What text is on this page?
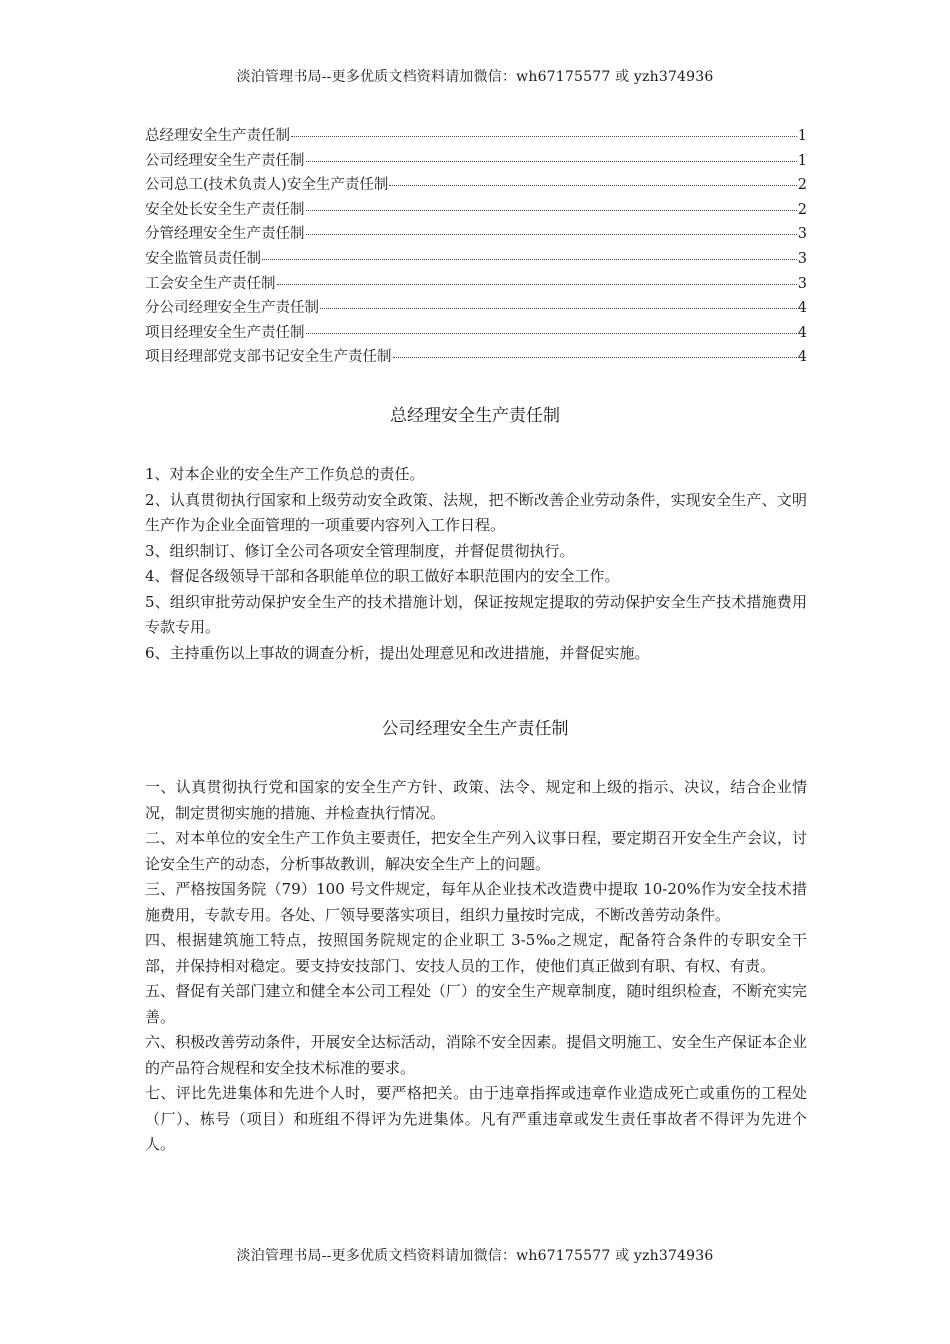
淡泊管理书局--更多优质文档资料请加微信：wh67175577 或 yzh374936
总经理安全生产责任制	1
公司经理安全生产责任制	1
公司总工(技术负责人)安全生产责任制	2
安全处长安全生产责任制	2
分管经理安全生产责任制	3
安全监管员责任制	3
工会安全生产责任制	3
分公司经理安全生产责任制	4
项目经理安全生产责任制	4
项目经理部党支部书记安全生产责任制	4
总经理安全生产责任制

1、对本企业的安全生产工作负总的责任。

2、认真贯彻执行国家和上级劳动安全政策、法规，把不断改善企业劳动条件，实现安全生产、文明生产作为企业全面管理的一项重要内容列入工作日程。

3、组织制订、修订全公司各项安全管理制度，并督促贯彻执行。

4、督促各级领导干部和各职能单位的职工做好本职范围内的安全工作。

5、组织审批劳动保护安全生产的技术措施计划，保证按规定提取的劳动保护安全生产技术措施费用专款专用。

6、主持重伤以上事故的调查分析，提出处理意见和改进措施，并督促实施。

公司经理安全生产责任制

一、认真贯彻执行党和国家的安全生产方针、政策、法令、规定和上级的指示、决议，结合企业情况，制定贯彻实施的措施、并检查执行情况。

二、对本单位的安全生产工作负主要责任，把安全生产列入议事日程，要定期召开安全生产会议，讨论安全生产的动态，分析事故教训，解决安全生产上的问题。

三、严格按国务院（79）100 号文件规定，每年从企业技术改造费中提取 10-20%作为安全技术措施费用，专款专用。各处、厂领导要落实项目，组织力量按时完成，不断改善劳动条件。

四、根据建筑施工特点，按照国务院规定的企业职工 3-5‰之规定，配备符合条件的专职安全干部，并保持相对稳定。要支持安技部门、安技人员的工作，使他们真正做到有职、有权、有责。

五、督促有关部门建立和健全本公司工程处（厂）的安全生产规章制度，随时组织检查，不断充实完善。

六、积极改善劳动条件，开展安全达标活动，消除不安全因素。提倡文明施工、安全生产保证本企业的产品符合规程和安全技术标准的要求。

七、评比先进集体和先进个人时，要严格把关。由于违章指挥或违章作业造成死亡或重伤的工程处（厂）、栋号（项目）和班组不得评为先进集体。凡有严重违章或发生责任事故者不得评为先进个人。

淡泊管理书局--更多优质文档资料请加微信：wh67175577 或 yzh374936
